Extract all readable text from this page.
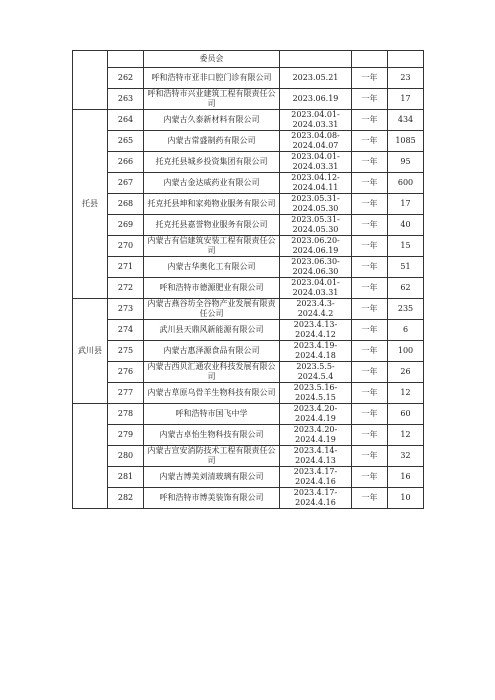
		委员会			
	262	呼和浩特市亚非口腔门诊有限公司	2023.05.21	一年	23
	263	呼和浩特市兴业建筑工程有限责任公司	2023.06.19	一年	17
托县	264	内蒙古久泰新材料有限公司	2023.04.01-2024.03.31	一年	434
	265	内蒙古常盛制药有限公司	2023.04.08-2024.04.07	一年	1085
	266	托克托县城乡投资集团有限公司	2023.04.01-2024.03.31	一年	95
	267	内蒙古金达威药业有限公司	2023.04.12-2024.04.11	一年	600
	268	托克托县坤和家苑物业服务有限公司	2023.05.31-2024.05.30	一年	17
	269	托克托县嘉誉物业服务有限公司	2023.05.31-2024.05.30	一年	40
	270	内蒙古有信建筑安装工程有限责任公司	2023.06.20-2024.06.19	一年	15
	271	内蒙古华奥化工有限公司	2023.06.30-2024.06.30	一年	51
	272	呼和浩特市德源肥业有限公司	2023.04.01-2024.03.31	一年	62
武川县	273	内蒙古燕谷坊全谷物产业发展有限责任公司	2023.4.3-2024.4.2	一年	235
	274	武川县天鼎风新能源有限公司	2023.4.13-2024.4.12	一年	6
	275	内蒙古惠泽源食品有限公司	2023.4.19-2024.4.18	一年	100
	276	内蒙古西贝汇通农业科技发展有限公司	2023.5.5-2024.5.4	一年	26
	277	内蒙古草原乌骨羊生物科技有限公司	2023.5.16-2024.5.15	一年	12
	278	呼和浩特市国飞中学	2023.4.20-2024.4.19	一年	60
	279	内蒙古卓怡生物科技有限公司	2023.4.20-2024.4.19	一年	12
	280	内蒙古宣安消防技术工程有限责任公司	2023.4.14-2024.4.13	一年	32
	281	内蒙古博美刘清玻璃有限公司	2023.4.17-2024.4.16	一年	16
	282	呼和浩特市博美装饰有限公司	2023.4.17-2024.4.16	一年	10
